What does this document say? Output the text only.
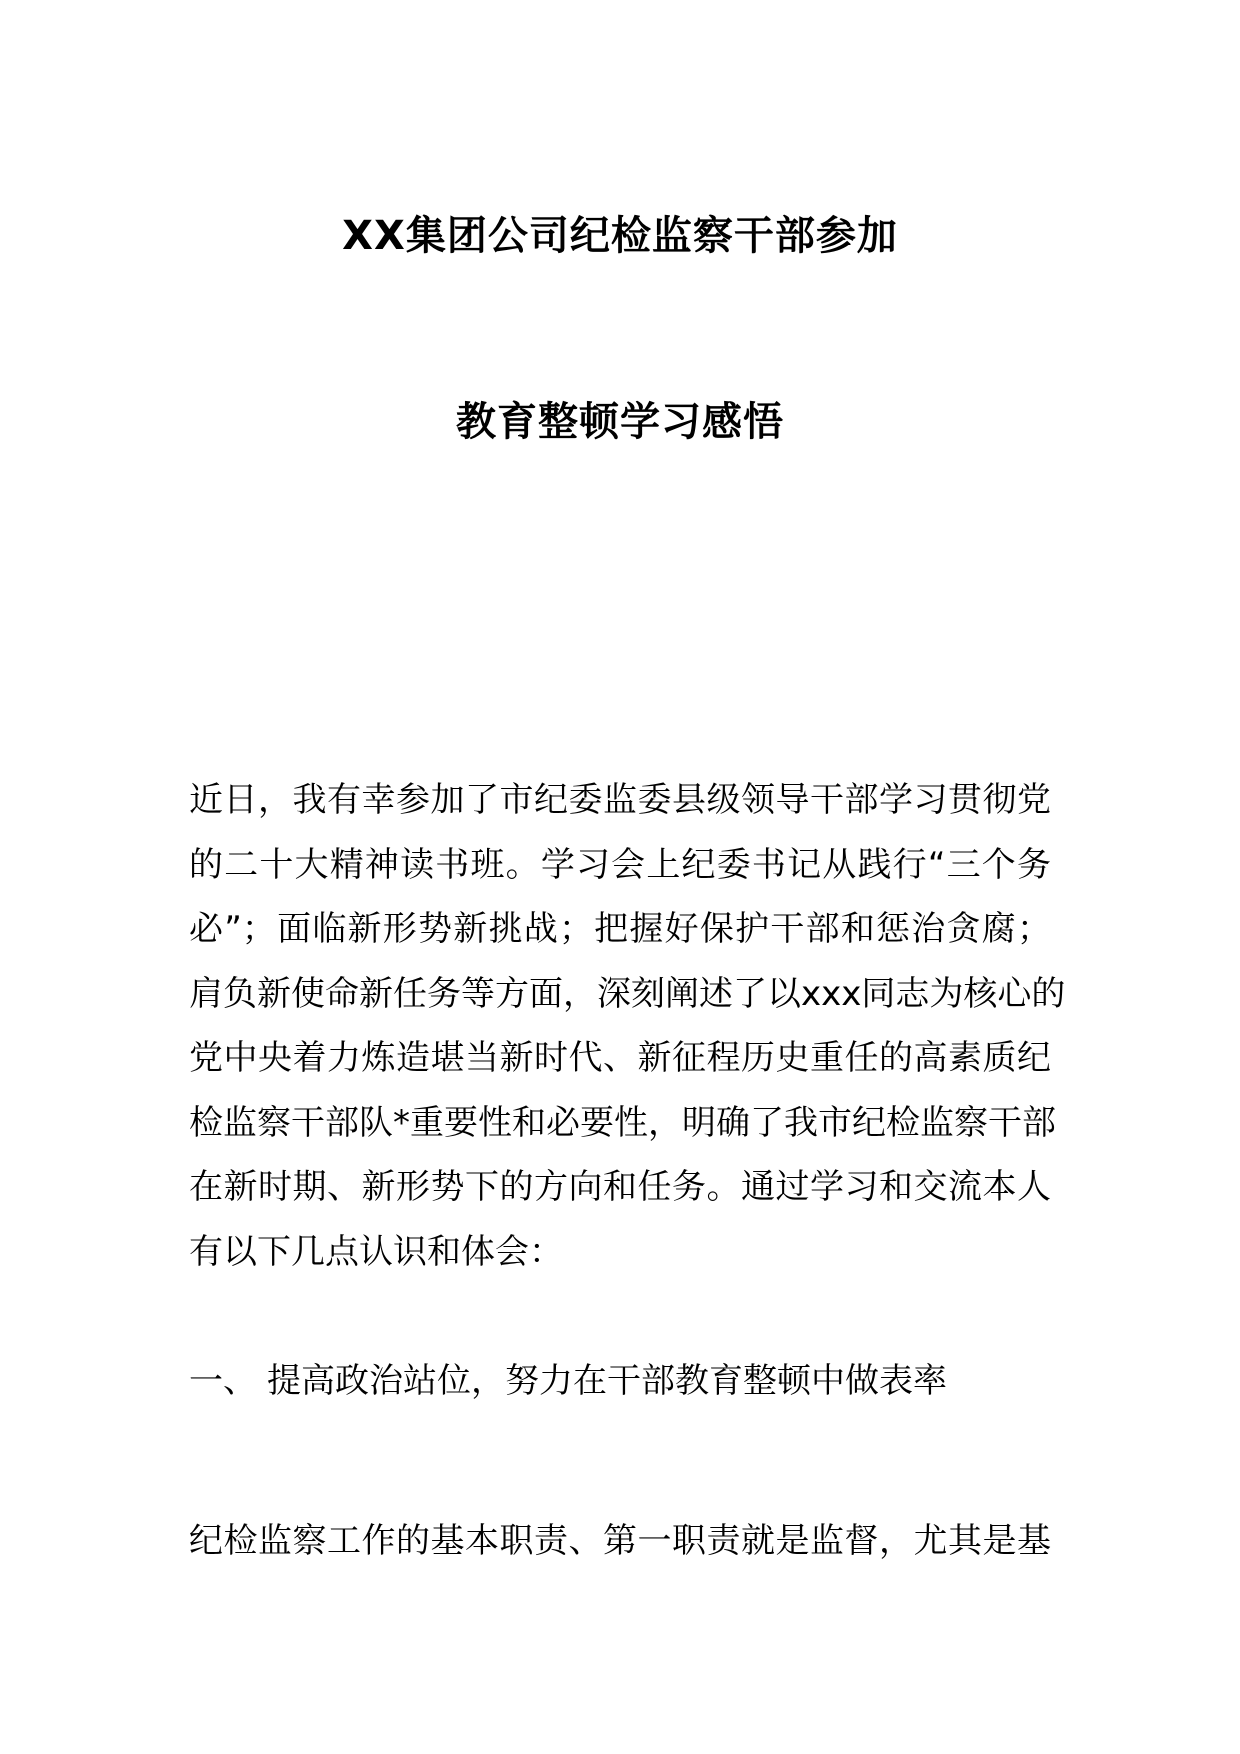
XX集团公司纪检监察干部参加
教育整顿学习感悟
近日，我有幸参加了市纪委监委县级领导干部学习贯彻党
的二十大精神读书班。学习会上纪委书记从践行“三个务
必”；面临新形势新挑战；把握好保护干部和惩治贪腐；
肩负新使命新任务等方面，深刻阐述了以xxx同志为核心的
党中央着力炼造堪当新时代、新征程历史重任的高素质纪
检监察干部队*重要性和必要性，明确了我市纪检监察干部
在新时期、新形势下的方向和任务。通过学习和交流本人
有以下几点认识和体会：
一、 提高政治站位，努力在干部教育整顿中做表率
纪检监察工作的基本职责、第一职责就是监督，尤其是基
